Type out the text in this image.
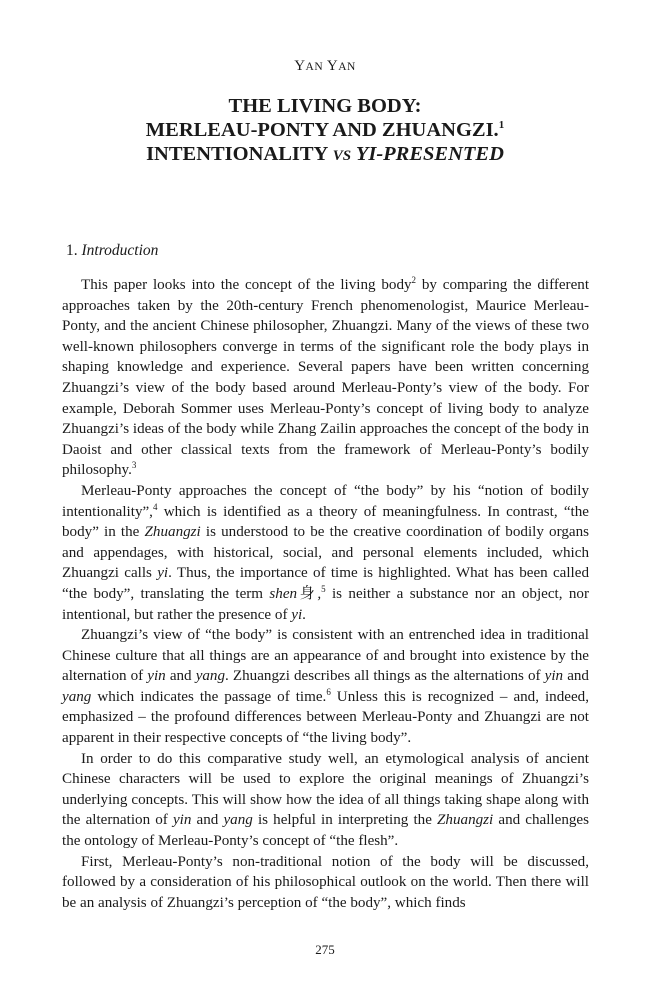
YAN YAN
THE LIVING BODY:
MERLEAU-PONTY AND ZHUANGZI.$^1$
INTENTIONALITY VS YI-PRESENTED
1. Introduction

This paper looks into the concept of the living body$^2$ by comparing the different approaches taken by the 20th-century French phenomenologist, Maurice Merleau-Ponty, and the ancient Chinese philosopher, Zhuangzi. Many of the views of these two well-known philosophers converge in terms of the significant role the body plays in shaping knowledge and experience. Several papers have been written concerning Zhuangzi’s view of the body based around Merleau-Ponty’s view of the body. For example, Deborah Sommer uses Merleau-Ponty’s concept of living body to analyze Zhuangzi’s ideas of the body while Zhang Zailin approaches the concept of the body in Daoist and other classical texts from the framework of Merleau-Ponty’s bodily philosophy.$^3$

Merleau-Ponty approaches the concept of “the body” by his “notion of bodily intentionality”,$^4$ which is identified as a theory of meaningfulness. In contrast, “the body” in the Zhuangzi is understood to be the creative coordination of bodily organs and appendages, with historical, social, and personal elements included, which Zhuangzi calls yi. Thus, the importance of time is highlighted. What has been called “the body”, translating the term shen身,$^5$ is neither a substance nor an object, nor intentional, but rather the presence of yi.

Zhuangzi’s view of “the body” is consistent with an entrenched idea in traditional Chinese culture that all things are an appearance of and brought into existence by the alternation of yin and yang. Zhuangzi describes all things as the alternations of yin and yang which indicates the passage of time.$^6$ Unless this is recognized – and, indeed, emphasized – the profound differences between Merleau-Ponty and Zhuangzi are not apparent in their respective concepts of “the living body”.

In order to do this comparative study well, an etymological analysis of ancient Chinese characters will be used to explore the original meanings of Zhuangzi’s underlying concepts. This will show how the idea of all things taking shape along with the alternation of yin and yang is helpful in interpreting the Zhuangzi and challenges the ontology of Merleau-Ponty’s concept of “the flesh”.

First, Merleau-Ponty’s non-traditional notion of the body will be discussed, followed by a consideration of his philosophical outlook on the world. Then there will be an analysis of Zhuangzi’s perception of “the body”, which finds

275
